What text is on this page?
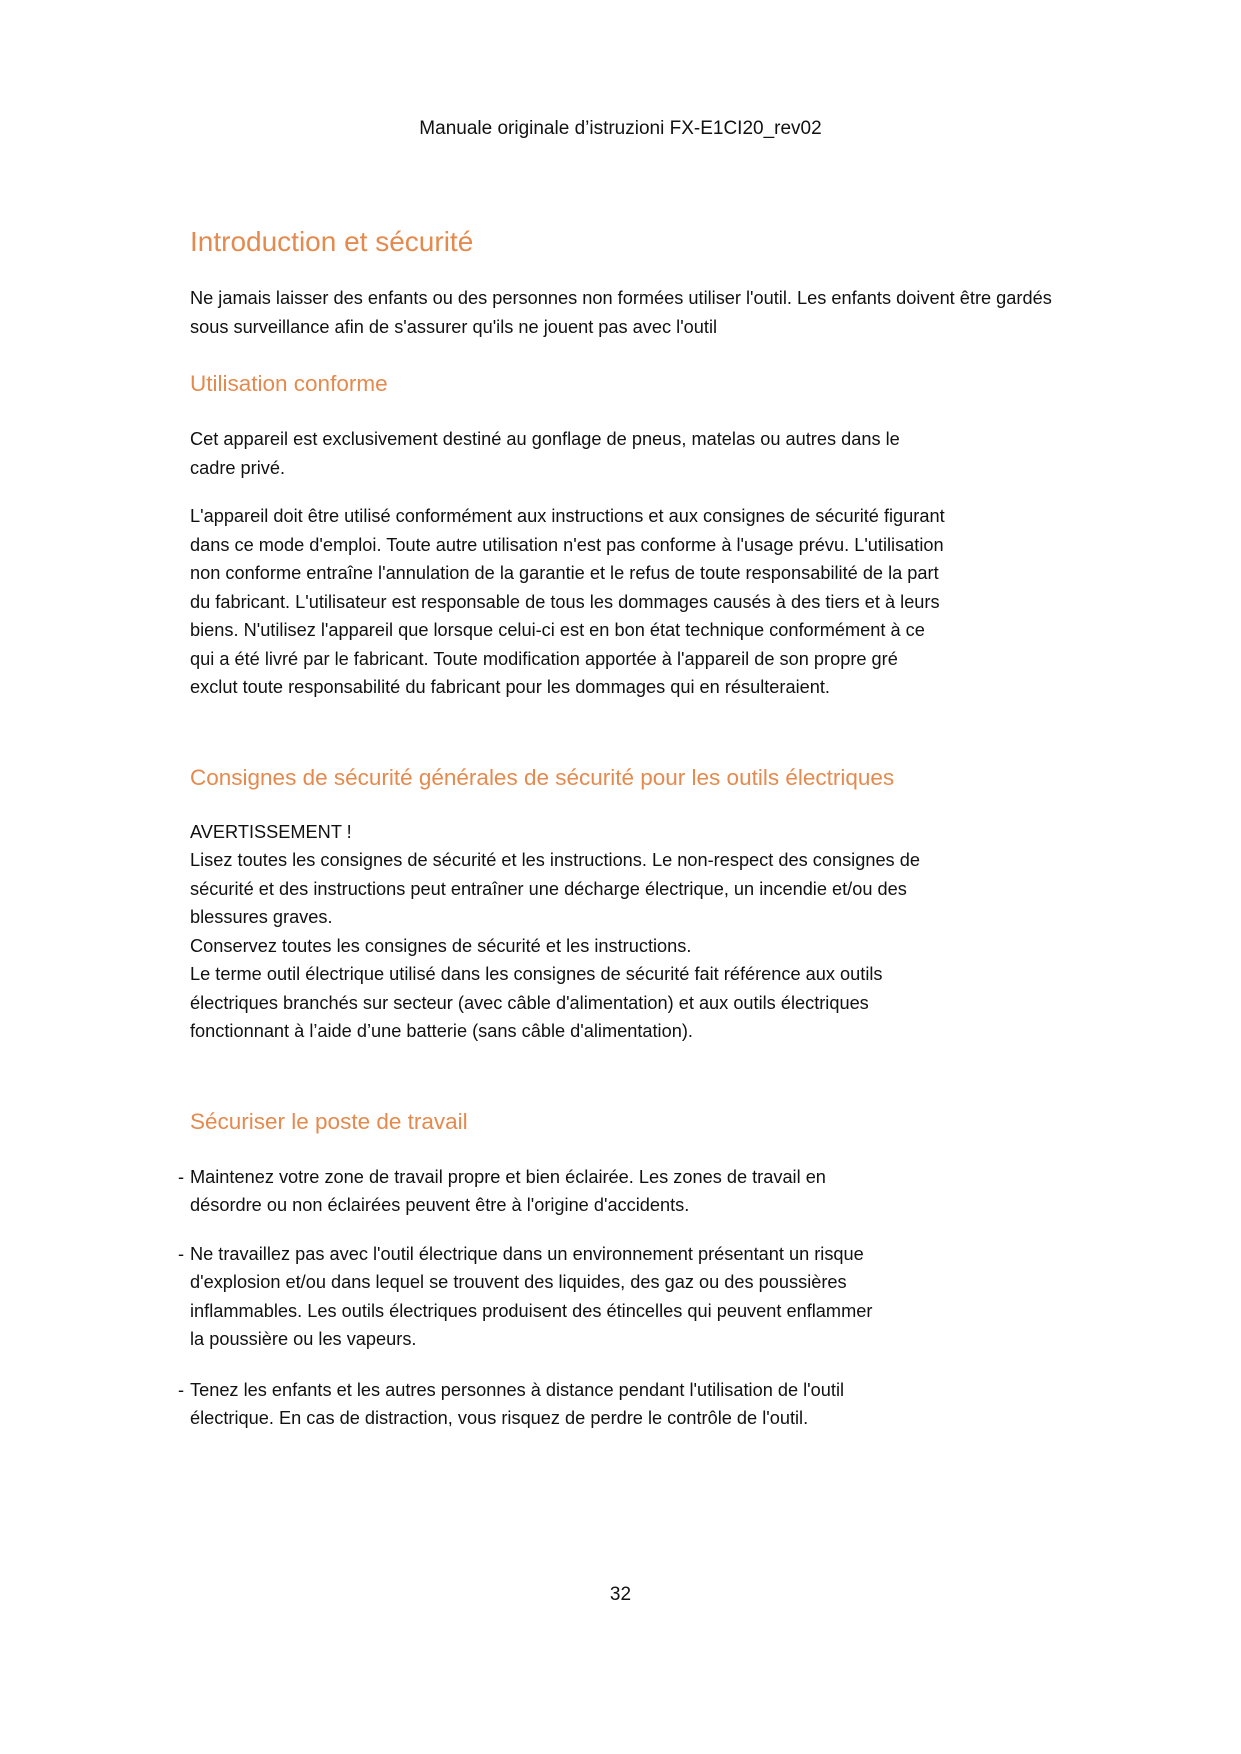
Manuale originale d’istruzioni FX-E1CI20_rev02
Introduction et sécurité

Ne jamais laisser des enfants ou des personnes non formées utiliser l'outil. Les enfants doivent être gardés sous surveillance afin de s'assurer qu'ils ne jouent pas avec l'outil

Utilisation conforme

Cet appareil est exclusivement destiné au gonflage de pneus, matelas ou autres dans le cadre privé.

L'appareil doit être utilisé conformément aux instructions et aux consignes de sécurité figurant dans ce mode d'emploi. Toute autre utilisation n'est pas conforme à l'usage prévu. L'utilisation non conforme entraîne l'annulation de la garantie et le refus de toute responsabilité de la part du fabricant. L'utilisateur est responsable de tous les dommages causés à des tiers et à leurs biens. N'utilisez l'appareil que lorsque celui-ci est en bon état technique conformément à ce qui a été livré par le fabricant. Toute modification apportée à l'appareil de son propre gré exclut toute responsabilité du fabricant pour les dommages qui en résulteraient.

Consignes de sécurité générales de sécurité pour les outils électriques

AVERTISSEMENT !

Lisez toutes les consignes de sécurité et les instructions. Le non-respect des consignes de sécurité et des instructions peut entraîner une décharge électrique, un incendie et/ou des blessures graves.

Conservez toutes les consignes de sécurité et les instructions.

Le terme outil électrique utilisé dans les consignes de sécurité fait référence aux outils électriques branchés sur secteur (avec câble d'alimentation) et aux outils électriques fonctionnant à l’aide d’une batterie (sans câble d'alimentation).

Sécuriser le poste de travail
- Maintenez votre zone de travail propre et bien éclairée. Les zones de travail en désordre ou non éclairées peuvent être à l'origine d'accidents.
- Ne travaillez pas avec l'outil électrique dans un environnement présentant un risque d'explosion et/ou dans lequel se trouvent des liquides, des gaz ou des poussières inflammables. Les outils électriques produisent des étincelles qui peuvent enflammer la poussière ou les vapeurs.
- Tenez les enfants et les autres personnes à distance pendant l'utilisation de l'outil électrique. En cas de distraction, vous risquez de perdre le contrôle de l'outil.
32
